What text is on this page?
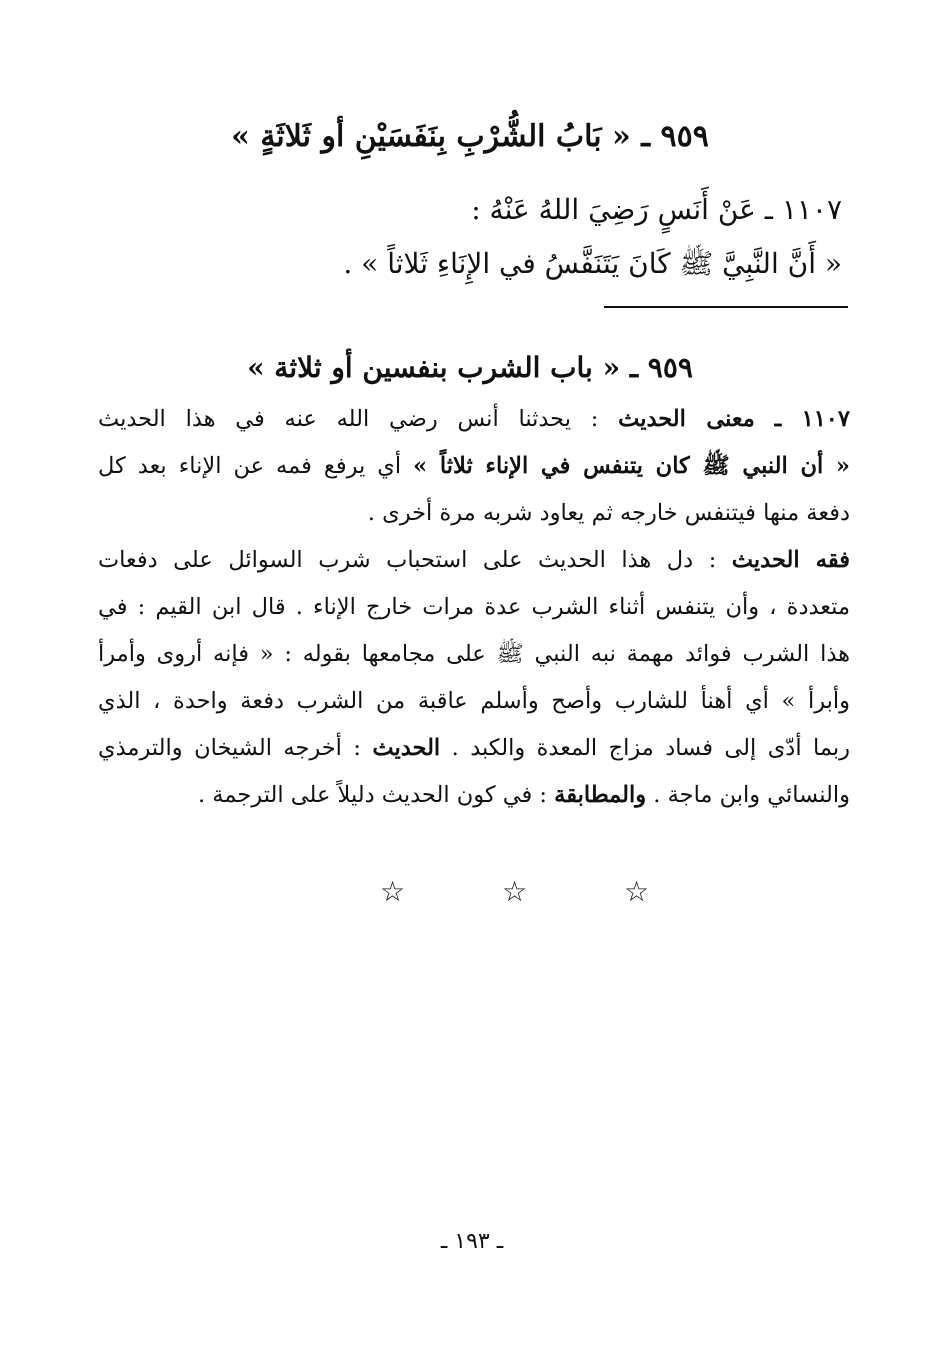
٩٥٩ ـ « بَابُ الشُّرْبِ بِنَفَسَيْنِ أو ثَلاثَةٍ »
١١٠٧ ـ عَنْ أَنَسٍ رَضِيَ اللهُ عَنْهُ :
« أَنَّ النَّبِيَّ ﷺ كَانَ يَتَنَفَّسُ في الإِنَاءِ ثَلاثاً » .
٩٥٩ ـ « باب الشرب بنفسين أو ثلاثة »
١١٠٧ ـ معنى الحديث : يحدثنا أنس رضي الله عنه في هذا الحديث
« أن النبي ﷺ كان يتنفس في الإناء ثلاثاً » أي يرفع فمه عن الإناء بعد كل
دفعة منها فيتنفس خارجه ثم يعاود شربه مرة أخرى .
فقه الحديث : دل هذا الحديث على استحباب شرب السوائل على دفعات
متعددة ، وأن يتنفس أثناء الشرب عدة مرات خارج الإناء . قال ابن القيم : في
هذا الشرب فوائد مهمة نبه النبي ﷺ على مجامعها بقوله : « فإنه أروى وأمرأ
وأبرأ » أي أهنأ للشارب وأصح وأسلم عاقبة من الشرب دفعة واحدة ، الذي
ربما أدّى إلى فساد مزاج المعدة والكبد . الحديث : أخرجه الشيخان والترمذي
والنسائي وابن ماجة . والمطابقة : في كون الحديث دليلاً على الترجمة .
☆ ☆ ☆
ـ ١٩٣ ـ
